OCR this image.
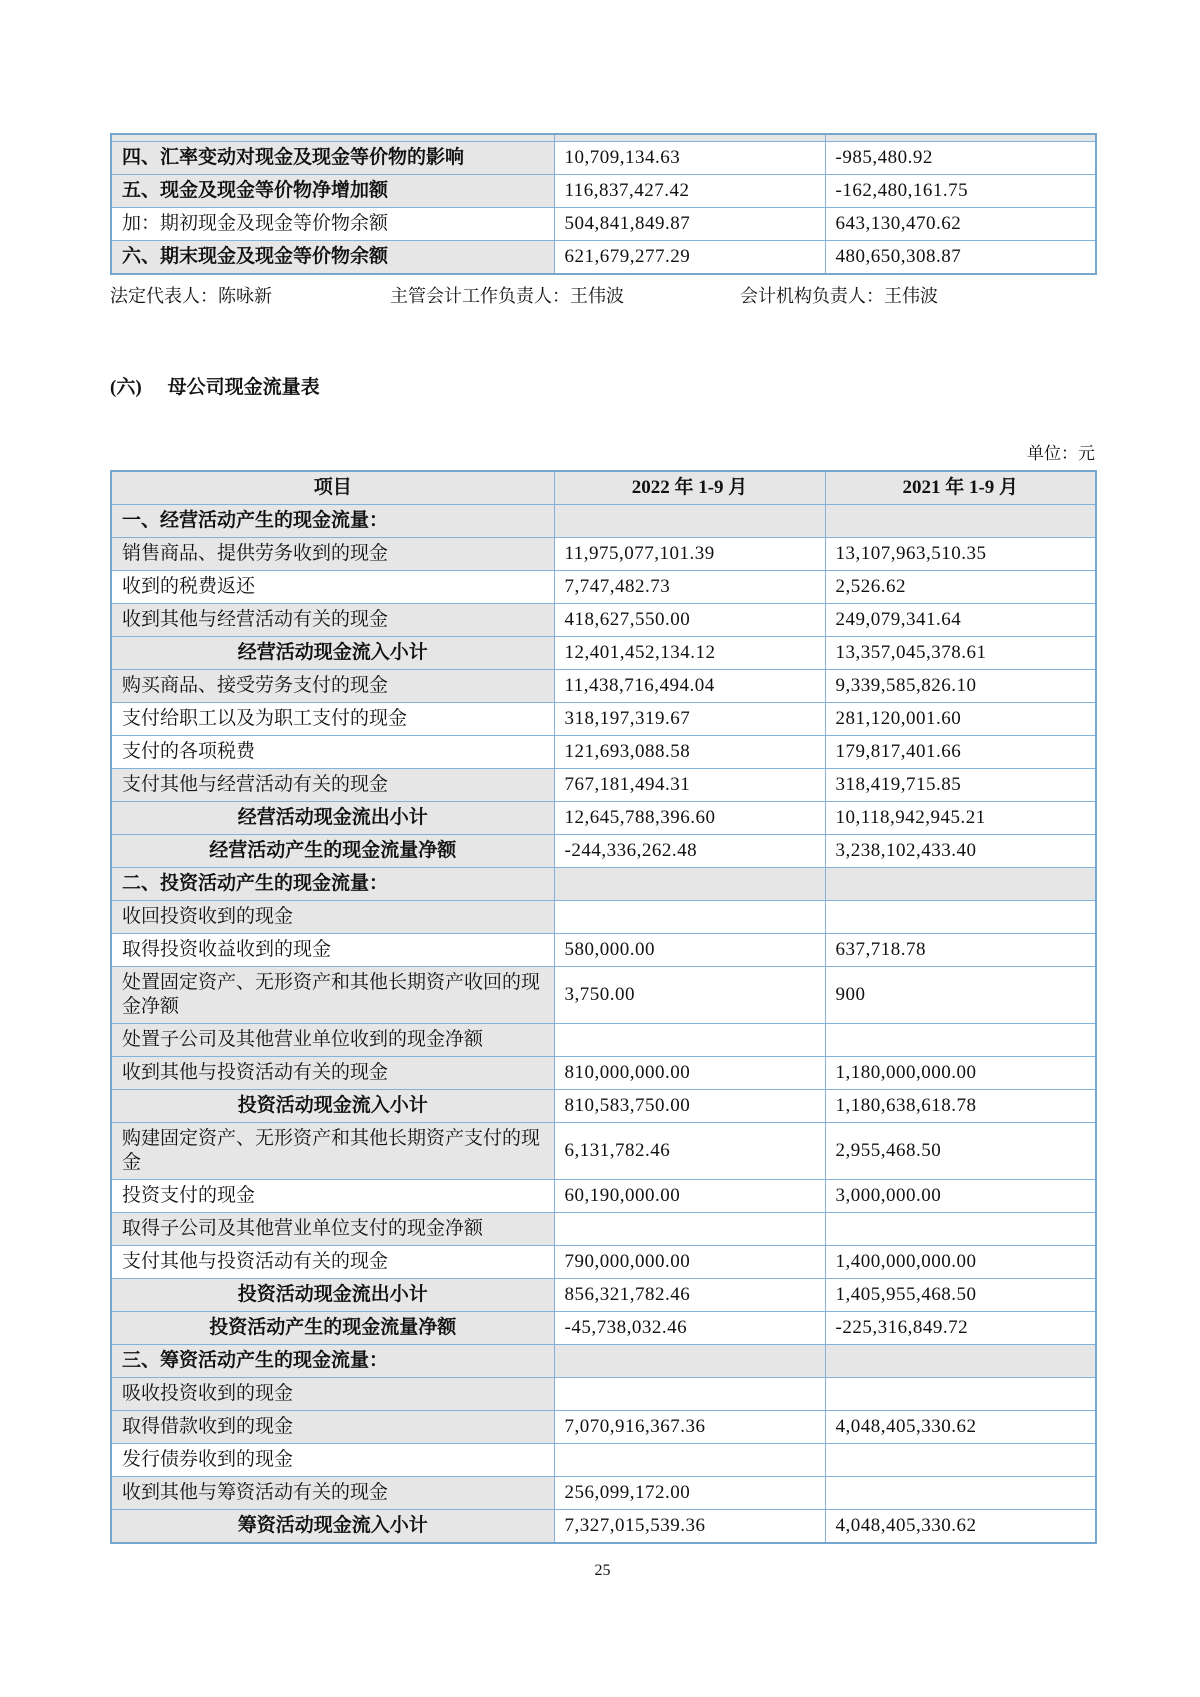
四、汇率变动对现金及现金等价物的影响	10,709,134.63	-985,480.92
五、现金及现金等价物净增加额	116,837,427.42	-162,480,161.75
加：期初现金及现金等价物余额	504,841,849.87	643,130,470.62
六、期末现金及现金等价物余额	621,679,277.29	480,650,308.87
法定代表人：陈咏新	主管会计工作负责人：王伟波	会计机构负责人：王伟波
(六) 母公司现金流量表
单位：元
项目	2022 年 1-9 月	2021 年 1-9 月
一、经营活动产生的现金流量：		
销售商品、提供劳务收到的现金	11,975,077,101.39	13,107,963,510.35
收到的税费返还	7,747,482.73	2,526.62
收到其他与经营活动有关的现金	418,627,550.00	249,079,341.64
经营活动现金流入小计	12,401,452,134.12	13,357,045,378.61
购买商品、接受劳务支付的现金	11,438,716,494.04	9,339,585,826.10
支付给职工以及为职工支付的现金	318,197,319.67	281,120,001.60
支付的各项税费	121,693,088.58	179,817,401.66
支付其他与经营活动有关的现金	767,181,494.31	318,419,715.85
经营活动现金流出小计	12,645,788,396.60	10,118,942,945.21
经营活动产生的现金流量净额	-244,336,262.48	3,238,102,433.40
二、投资活动产生的现金流量：		
收回投资收到的现金		
取得投资收益收到的现金	580,000.00	637,718.78
处置固定资产、无形资产和其他长期资产收回的现金净额	3,750.00	900
处置子公司及其他营业单位收到的现金净额		
收到其他与投资活动有关的现金	810,000,000.00	1,180,000,000.00
投资活动现金流入小计	810,583,750.00	1,180,638,618.78
购建固定资产、无形资产和其他长期资产支付的现金	6,131,782.46	2,955,468.50
投资支付的现金	60,190,000.00	3,000,000.00
取得子公司及其他营业单位支付的现金净额		
支付其他与投资活动有关的现金	790,000,000.00	1,400,000,000.00
投资活动现金流出小计	856,321,782.46	1,405,955,468.50
投资活动产生的现金流量净额	-45,738,032.46	-225,316,849.72
三、筹资活动产生的现金流量：		
吸收投资收到的现金		
取得借款收到的现金	7,070,916,367.36	4,048,405,330.62
发行债券收到的现金		
收到其他与筹资活动有关的现金	256,099,172.00	
筹资活动现金流入小计	7,327,015,539.36	4,048,405,330.62
25
